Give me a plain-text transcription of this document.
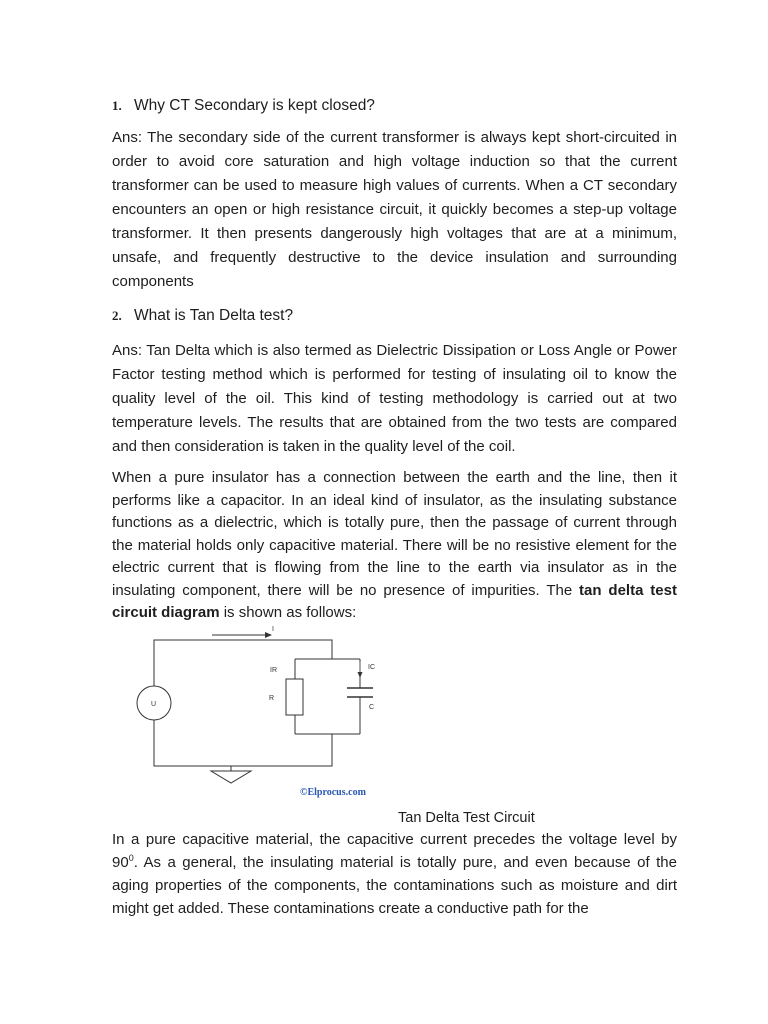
1. Why CT Secondary is kept closed?
Ans: The secondary side of the current transformer is always kept short-circuited in order to avoid core saturation and high voltage induction so that the current transformer can be used to measure high values of currents. When a CT secondary encounters an open or high resistance circuit, it quickly becomes a step-up voltage transformer. It then presents dangerously high voltages that are at a minimum, unsafe, and frequently destructive to the device insulation and surrounding components
2. What is Tan Delta test?
Ans: Tan Delta which is also termed as Dielectric Dissipation or Loss Angle or Power Factor testing method which is performed for testing of insulating oil to know the quality level of the oil. This kind of testing methodology is carried out at two temperature levels. The results that are obtained from the two tests are compared and then consideration is taken in the quality level of the coil.
When a pure insulator has a connection between the earth and the line, then it performs like a capacitor. In an ideal kind of insulator, as the insulating substance functions as a dielectric, which is totally pure, then the passage of current through the material holds only capacitive material. There will be no resistive element for the electric current that is flowing from the line to the earth via insulator as in the insulating component, there will be no presence of impurities. The tan delta test circuit diagram is shown as follows:
I
IR	IC
R
C
U
©Elprocus.com
Tan Delta Test Circuit
In a pure capacitive material, the capacitive current precedes the voltage level by $90^0$. As a general, the insulating material is totally pure, and even because of the aging properties of the components, the contaminations such as moisture and dirt might get added. These contaminations create a conductive path for the
